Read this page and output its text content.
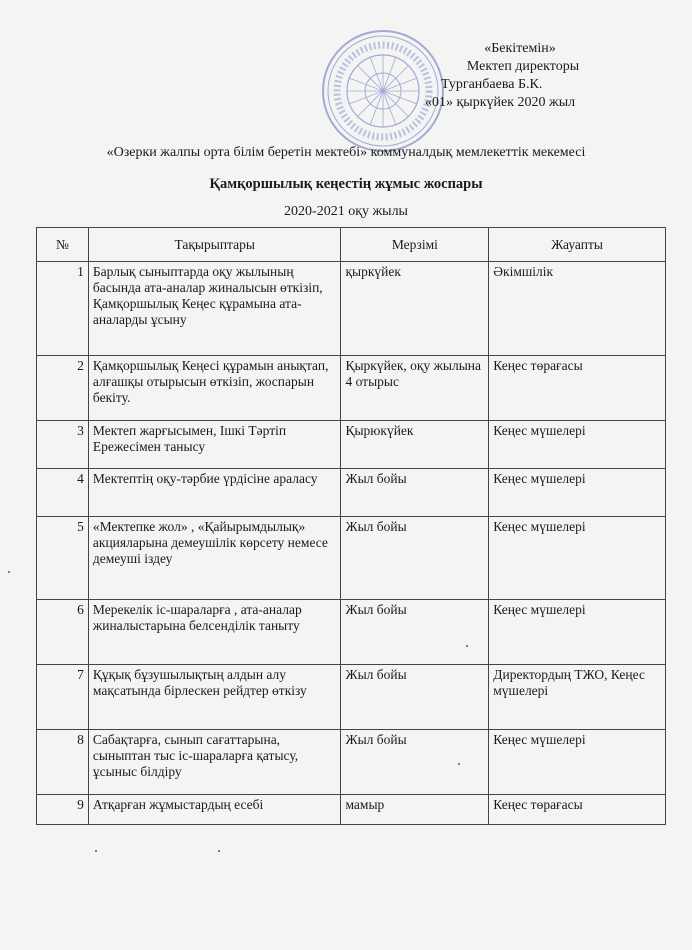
«Бекітемін»
Мектеп директоры
Турганбаева Б.К.
«01» қыркүйек 2020 жыл
«Озерки жалпы орта білім беретін мектебі» коммуналдық мемлекеттік мекемесі
Қамқоршылық кеңестің жұмыс жоспары
2020-2021 оқу жылы
№	Тақырыптары	Мерзімі	Жауапты
1	Барлық сыныптарда оқу жылының басында ата-аналар жиналысын өткізіп, Қамқоршылық Кеңес құрамына ата-аналарды ұсыну	қыркүйек	Әкімшілік
2	Қамқоршылық Кеңесі құрамын анықтап, алғашқы отырысын өткізіп, жоспарын бекіту.	Қыркүйек, оқу жылына 4 отырыс	Кеңес төрағасы
3	Мектеп жарғысымен, Ішкі Тәртіп Ережесімен танысу	Қырюкүйек	Кеңес мүшелері
4	Мектептің оқу-тәрбие үрдісіне араласу	Жыл бойы	Кеңес мүшелері
5	«Мектепке жол» , «Қайырымдылық» акцияларына демеушілік көрсету немесе демеуші іздеу	Жыл бойы	Кеңес мүшелері
6	Мерекелік іс-шараларға , ата-аналар жиналыстарына белсенділік таныту	Жыл бойы	Кеңес мүшелері
7	Құқық бұзушылықтың алдын алу мақсатында бірлескен рейдтер өткізу	Жыл бойы	Директордың ТЖО, Кеңес мүшелері
8	Сабақтарға, сынып сағаттарына, сыныптан тыс іс-шараларға қатысу, ұсыныс білдіру	Жыл бойы	Кеңес мүшелері
9	Атқарған жұмыстардың есебі	мамыр	Кеңес төрағасы
